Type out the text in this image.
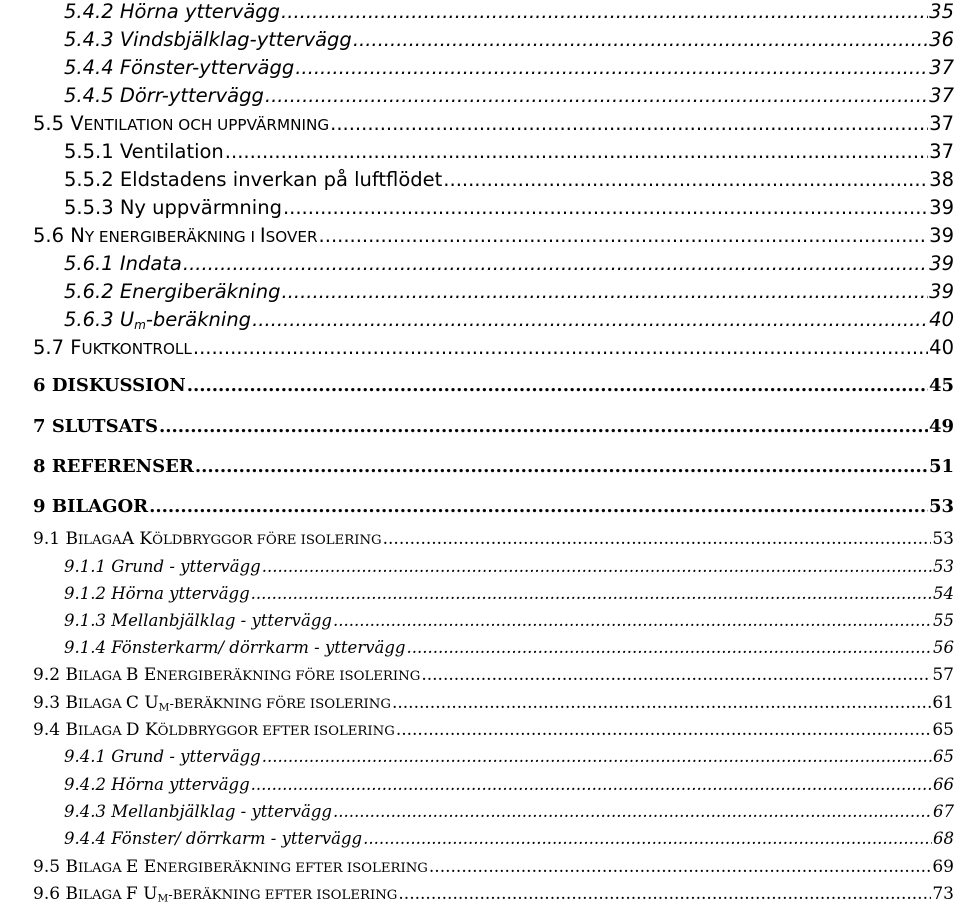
5.4.2 Hörna yttervägg .....	35
5.4.3 Vindsbjälklag-yttervägg .....	36
5.4.4 Fönster-yttervägg .....	37
5.4.5 Dörr-yttervägg .....	37
5.5 VENTILATION OCH UPPVÄRMNING .....	37
5.5.1 Ventilation .....	37
5.5.2 Eldstadens inverkan på luftflödet .....	38
5.5.3 Ny uppvärmning .....	39
5.6 NY ENERGIBERÄKNING I ISOVER .....	39
5.6.1 Indata .....	39
5.6.2 Energiberäkning .....	39
5.6.3 $U_m$-beräkning .....	40
5.7 FUKTKONTROLL .....	40
6 DISKUSSION .....	45
7 SLUTSATS .....	49
8 REFERENSER .....	51
9 BILAGOR .....	53
9.1 BILAGAA KÖLDBRYGGOR FÖRE ISOLERING .....	53
9.1.1 Grund - yttervägg .....	53
9.1.2 Hörna yttervägg .....	54
9.1.3 Mellanbjälklag - yttervägg .....	55
9.1.4 Fönsterkarm/ dörrkarm - yttervägg .....	56
9.2 BILAGA B ENERGIBERÄKNING FÖRE ISOLERING .....	57
9.3 BILAGA C $U_M$-BERÄKNING FÖRE ISOLERING .....	61
9.4 BILAGA D KÖLDBRYGGOR EFTER ISOLERING .....	65
9.4.1 Grund - yttervägg .....	65
9.4.2 Hörna yttervägg .....	66
9.4.3 Mellanbjälklag - yttervägg .....	67
9.4.4 Fönster/ dörrkarm - yttervägg .....	68
9.5 BILAGA E ENERGIBERÄKNING EFTER ISOLERING .....	69
9.6 BILAGA F $U_M$-BERÄKNING EFTER ISOLERING .....	73
